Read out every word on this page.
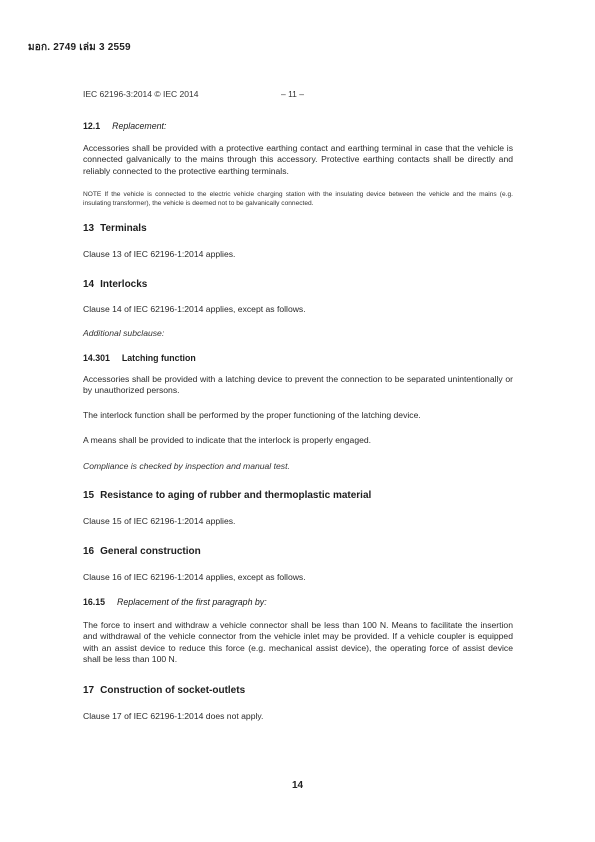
มอก. 2749 เล่ม 3 2559
IEC 62196-3:2014 © IEC 2014	– 11 –
12.1 Replacement:
Accessories shall be provided with a protective earthing contact and earthing terminal in case that the vehicle is connected galvanically to the mains through this accessory. Protective earthing contacts shall be directly and reliably connected to the protective earthing terminals.
NOTE If the vehicle is connected to the electric vehicle charging station with the insulating device between the vehicle and the mains (e.g. insulating transformer), the vehicle is deemed not to be galvanically connected.
13 Terminals
Clause 13 of IEC 62196-1:2014 applies.
14 Interlocks
Clause 14 of IEC 62196-1:2014 applies, except as follows.
Additional subclause:
14.301 Latching function
Accessories shall be provided with a latching device to prevent the connection to be separated unintentionally or by unauthorized persons.
The interlock function shall be performed by the proper functioning of the latching device.
A means shall be provided to indicate that the interlock is properly engaged.
Compliance is checked by inspection and manual test.
15 Resistance to aging of rubber and thermoplastic material
Clause 15 of IEC 62196-1:2014 applies.
16 General construction
Clause 16 of IEC 62196-1:2014 applies, except as follows.
16.15 Replacement of the first paragraph by:
The force to insert and withdraw a vehicle connector shall be less than 100 N. Means to facilitate the insertion and withdrawal of the vehicle connector from the vehicle inlet may be provided. If a vehicle coupler is equipped with an assist device to reduce this force (e.g. mechanical assist device), the operating force of assist device shall be less than 100 N.
17 Construction of socket-outlets
Clause 17 of IEC 62196-1:2014 does not apply.
14
